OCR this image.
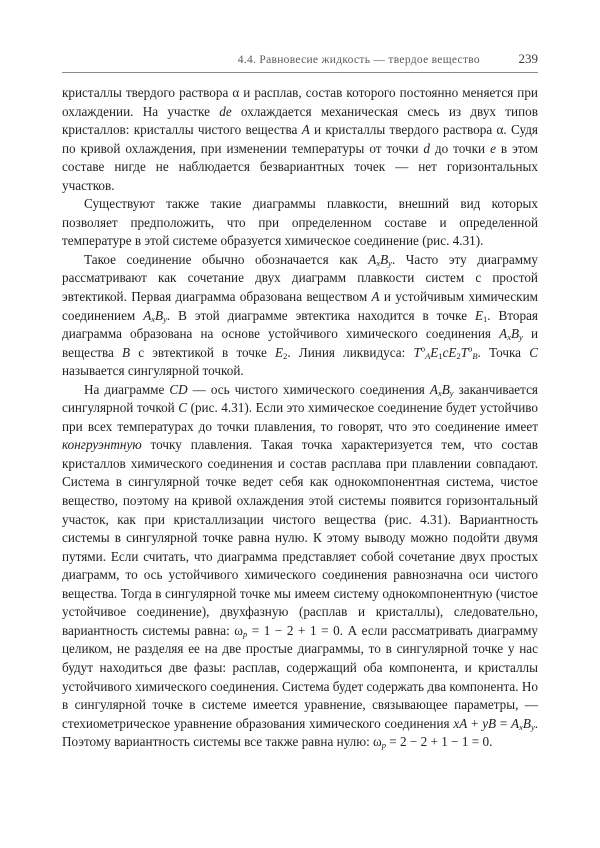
4.4. Равновесие жидкость — твердое вещество	239

кристаллы твердого раствора α и расплав, состав которого постоянно меняется при охлаждении. На участке de охлаждается механическая смесь из двух типов кристаллов: кристаллы чистого вещества A и кристаллы твердого раствора α. Судя по кривой охлаждения, при изменении температуры от точки d до точки e в этом составе нигде не наблюдается безвариантных точек — нет горизонтальных участков.

Существуют также такие диаграммы плавкости, внешний вид которых позволяет предположить, что при определенном составе и определенной температуре в этой системе образуется химическое соединение (рис. 4.31).

Такое соединение обычно обозначается как $A_xB_y$. Часто эту диаграмму рассматривают как сочетание двух диаграмм плавкости систем с простой эвтектикой. Первая диаграмма образована веществом A и устойчивым химическим соединением $A_xB_y$. В этой диаграмме эвтектика находится в точке $E_1$. Вторая диаграмма образована на основе устойчивого химического соединения $A_xB_y$ и вещества B с эвтектикой в точке $E_2$. Линия ликвидуса: $T^o_AE_1cE_2T^o_B$. Точка C называется сингулярной точкой.

На диаграмме CD — ось чистого химического соединения $A_xB_y$ заканчивается сингулярной точкой C (рис. 4.31). Если это химическое соединение будет устойчиво при всех температурах до точки плавления, то говорят, что это соединение имеет конгруэнтную точку плавления. Такая точка характеризуется тем, что состав кристаллов химического соединения и состав расплава при плавлении совпадают. Система в сингулярной точке ведет себя как однокомпонентная система, чистое вещество, поэтому на кривой охлаждения этой системы появится горизонтальный участок, как при кристаллизации чистого вещества (рис. 4.31). Вариантность системы в сингулярной точке равна нулю. К этому выводу можно подойти двумя путями. Если считать, что диаграмма представляет собой сочетание двух простых диаграмм, то ось устойчивого химического соединения равнозначна оси чистого вещества. Тогда в сингулярной точке мы имеем систему однокомпонентную (чистое устойчивое соединение), двухфазную (расплав и кристаллы), следовательно, вариантность системы равна: $\omega_p = 1 - 2 + 1 = 0$. А если рассматривать диаграмму целиком, не разделяя ее на две простые диаграммы, то в сингулярной точке у нас будут находиться две фазы: расплав, содержащий оба компонента, и кристаллы устойчивого химического соединения. Система будет содержать два компонента. Но в сингулярной точке в системе имеется уравнение, связывающее параметры, — стехиометрическое уравнение образования химического соединения xA + yB = $A_xB_y$. Поэтому вариантность системы все также равна нулю: $\omega_p = 2 - 2 + 1 - 1 = 0$.
